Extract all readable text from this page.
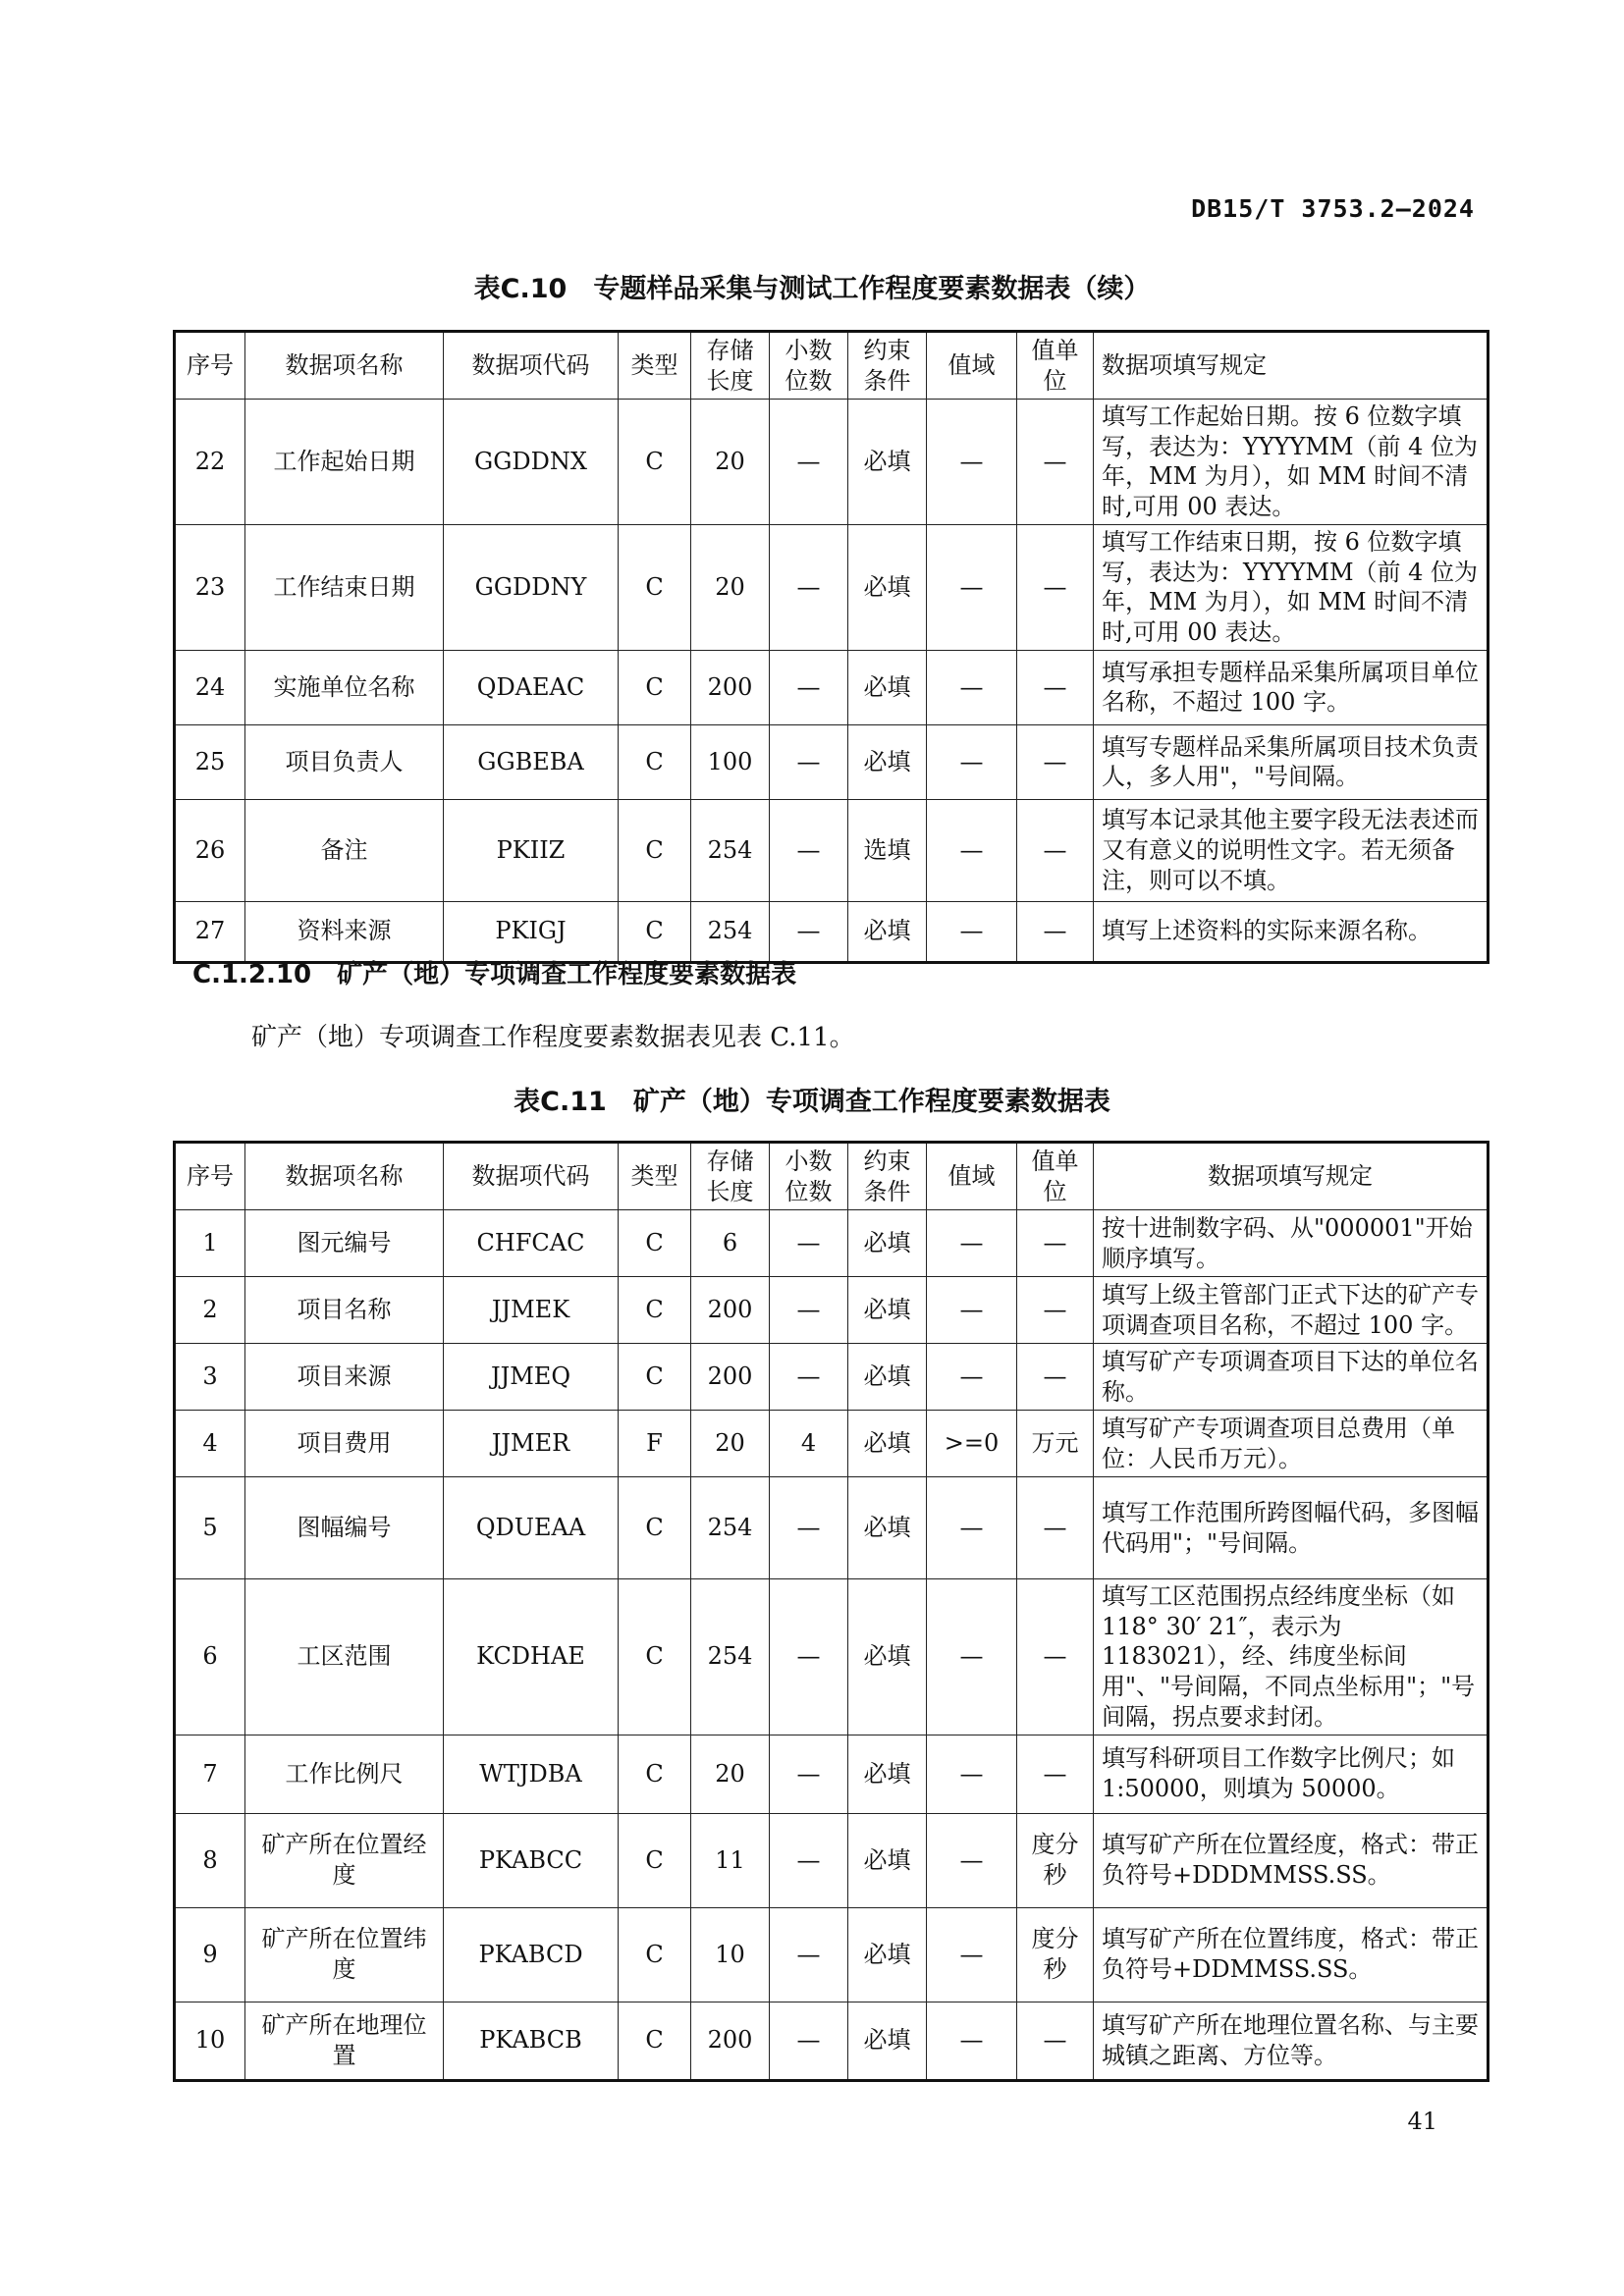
DB15/T 3753.2—2024
表C.10　专题样品采集与测试工作程度要素数据表（续）
序号	数据项名称	数据项代码	类型	存储长度	小数位数	约束条件	值域	值单位	数据项填写规定
22	工作起始日期	GGDDNX	C	20	—	必填	—	—	填写工作起始日期。按 6 位数字填写，表达为：YYYYMM（前 4 位为年，MM 为月），如 MM 时间不清时,可用 00 表达。
23	工作结束日期	GGDDNY	C	20	—	必填	—	—	填写工作结束日期，按 6 位数字填写，表达为：YYYYMM（前 4 位为年，MM 为月），如 MM 时间不清时,可用 00 表达。
24	实施单位名称	QDAEAC	C	200	—	必填	—	—	填写承担专题样品采集所属项目单位名称，不超过 100 字。
25	项目负责人	GGBEBA	C	100	—	必填	—	—	填写专题样品采集所属项目技术负责人，多人用"，"号间隔。
26	备注	PKIIZ	C	254	—	选填	—	—	填写本记录其他主要字段无法表述而又有意义的说明性文字。若无须备注，则可以不填。
27	资料来源	PKIGJ	C	254	—	必填	—	—	填写上述资料的实际来源名称。
C.1.2.10　矿产（地）专项调查工作程度要素数据表
矿产（地）专项调查工作程度要素数据表见表 C.11。
表C.11　矿产（地）专项调查工作程度要素数据表
序号	数据项名称	数据项代码	类型	存储长度	小数位数	约束条件	值域	值单位	数据项填写规定
1	图元编号	CHFCAC	C	6	—	必填	—	—	按十进制数字码、从"000001"开始顺序填写。
2	项目名称	JJMEK	C	200	—	必填	—	—	填写上级主管部门正式下达的矿产专项调查项目名称，不超过 100 字。
3	项目来源	JJMEQ	C	200	—	必填	—	—	填写矿产专项调查项目下达的单位名称。
4	项目费用	JJMER	F	20	4	必填	>=0	万元	填写矿产专项调查项目总费用（单位：人民币万元）。
5	图幅编号	QDUEAA	C	254	—	必填	—	—	填写工作范围所跨图幅代码，多图幅代码用"；"号间隔。
6	工区范围	KCDHAE	C	254	—	必填	—	—	填写工区范围拐点经纬度坐标（如 118° 30′ 21″，表示为 1183021），经、纬度坐标间用"、"号间隔，不同点坐标用"；"号间隔，拐点要求封闭。
7	工作比例尺	WTJDBA	C	20	—	必填	—	—	填写科研项目工作数字比例尺；如 1:50000，则填为 50000。
8	矿产所在位置经度	PKABCC	C	11	—	必填	—	度分秒	填写矿产所在位置经度，格式：带正负符号+DDDMMSS.SS。
9	矿产所在位置纬度	PKABCD	C	10	—	必填	—	度分秒	填写矿产所在位置纬度，格式：带正负符号+DDMMSS.SS。
10	矿产所在地理位置	PKABCB	C	200	—	必填	—	—	填写矿产所在地理位置名称、与主要城镇之距离、方位等。
41
